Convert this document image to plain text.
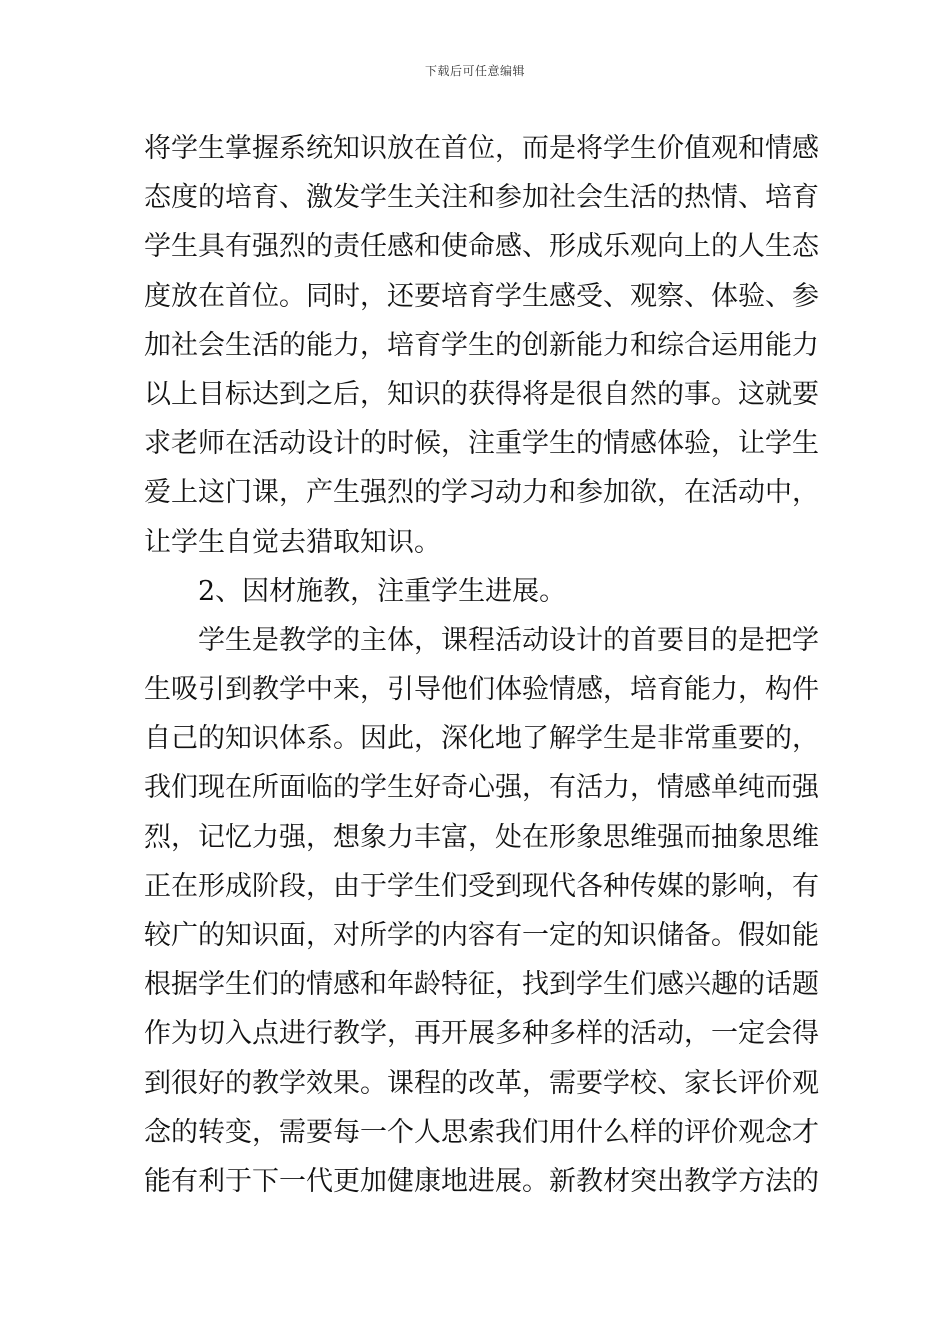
下载后可任意编辑
将学生掌握系统知识放在首位，而是将学生价值观和情感
态度的培育、激发学生关注和参加社会生活的热情、培育
学生具有强烈的责任感和使命感、形成乐观向上的人生态
度放在首位。同时，还要培育学生感受、观察、体验、参
加社会生活的能力，培育学生的创新能力和综合运用能力
以上目标达到之后，知识的获得将是很自然的事。这就要
求老师在活动设计的时候，注重学生的情感体验，让学生
爱上这门课，产生强烈的学习动力和参加欲，在活动中，
让学生自觉去猎取知识。
2、因材施教，注重学生进展。
学生是教学的主体，课程活动设计的首要目的是把学
生吸引到教学中来，引导他们体验情感，培育能力，构件
自己的知识体系。因此，深化地了解学生是非常重要的，
我们现在所面临的学生好奇心强，有活力，情感单纯而强
烈，记忆力强，想象力丰富，处在形象思维强而抽象思维
正在形成阶段，由于学生们受到现代各种传媒的影响，有
较广的知识面，对所学的内容有一定的知识储备。假如能
根据学生们的情感和年龄特征，找到学生们感兴趣的话题
作为切入点进行教学，再开展多种多样的活动，一定会得
到很好的教学效果。课程的改革，需要学校、家长评价观
念的转变，需要每一个人思索我们用什么样的评价观念才
能有利于下一代更加健康地进展。新教材突出教学方法的
